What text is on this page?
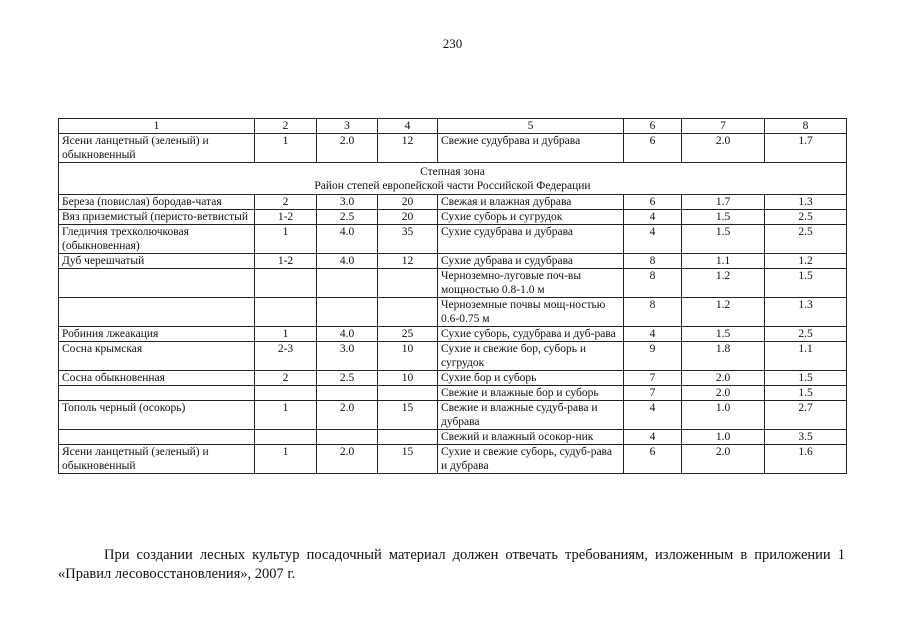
230
1	2	3	4	5	6	7	8
Ясени ланцетный (зеленый) и обыкновенный	1	2.0	12	Свежие судубрава и дубрава	6	2.0	1.7

Степная зона
Район степей европейской части Российской Федерации							

Береза (повислая) бородав-чатая	2	3.0	20	Свежая и влажная дубрава	6	1.7	1.3
Вяз приземистый (перисто-ветвистый	1-2	2.5	20	Сухие суборь и сугрудок	4	1.5	2.5
Гледичия трехколючковая (обыкновенная)	1	4.0	35	Сухие судубрава и дубрава	4	1.5	2.5
Дуб черешчатый	1-2	4.0	12	Сухие дубрава и судубрава	8	1.1	1.2
				Черноземно-луговые поч-вы мощностью 0.8-1.0 м	8	1.2	1.5
				Черноземные почвы мощ-ностью 0.6-0.75 м	8	1.2	1.3
Робиния лжеакация	1	4.0	25	Сухие суборь, судубрава и дуб-рава	4	1.5	2.5
Сосна крымская	2-3	3.0	10	Сухие и свежие бор, суборь и сугрудок	9	1.8	1.1
Сосна обыкновенная	2	2.5	10	Сухие бор и суборь	7	2.0	1.5
				Свежие и влажные бор и суборь	7	2.0	1.5
Тополь черный (осокорь)	1	2.0	15	Свежие и влажные судуб-рава и дубрава	4	1.0	2.7
				Свежий и влажный осокор-ник	4	1.0	3.5
Ясени ланцетный (зеленый) и обыкновенный	1	2.0	15	Сухие и свежие суборь, судуб-рава и дубрава	6	2.0	1.6
При создании лесных культур посадочный материал должен отвечать требованиям, изложенным в приложении 1 «Правил лесовосстановления», 2007 г.
